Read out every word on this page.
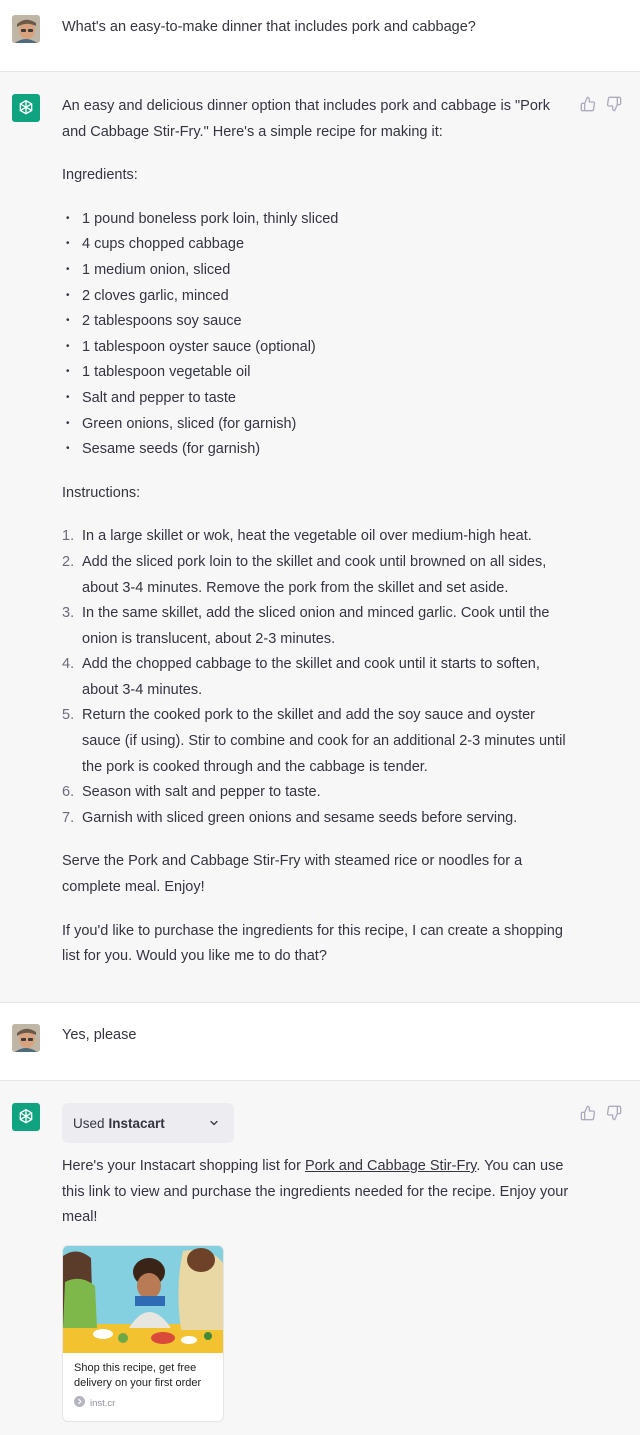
What's an easy-to-make dinner that includes pork and cabbage?

An easy and delicious dinner option that includes pork and cabbage is "Pork and Cabbage Stir-Fry." Here's a simple recipe for making it:

Ingredients:

• 1 pound boneless pork loin, thinly sliced
• 4 cups chopped cabbage
• 1 medium onion, sliced
• 2 cloves garlic, minced
• 2 tablespoons soy sauce
• 1 tablespoon oyster sauce (optional)
• 1 tablespoon vegetable oil
• Salt and pepper to taste
• Green onions, sliced (for garnish)
• Sesame seeds (for garnish)

Instructions:

1. In a large skillet or wok, heat the vegetable oil over medium-high heat.
2. Add the sliced pork loin to the skillet and cook until browned on all sides, about 3-4 minutes. Remove the pork from the skillet and set aside.
3. In the same skillet, add the sliced onion and minced garlic. Cook until the onion is translucent, about 2-3 minutes.
4. Add the chopped cabbage to the skillet and cook until it starts to soften, about 3-4 minutes.
5. Return the cooked pork to the skillet and add the soy sauce and oyster sauce (if using). Stir to combine and cook for an additional 2-3 minutes until the pork is cooked through and the cabbage is tender.
6. Season with salt and pepper to taste.
7. Garnish with sliced green onions and sesame seeds before serving.

Serve the Pork and Cabbage Stir-Fry with steamed rice or noodles for a complete meal. Enjoy!

If you'd like to purchase the ingredients for this recipe, I can create a shopping list for you. Would you like me to do that?

Yes, please
Used Instacart

Here's your Instacart shopping list for Pork and Cabbage Stir-Fry. You can use this link to view and purchase the ingredients needed for the recipe. Enjoy your meal!

Shop this recipe, get free delivery on your first order
inst.cr
